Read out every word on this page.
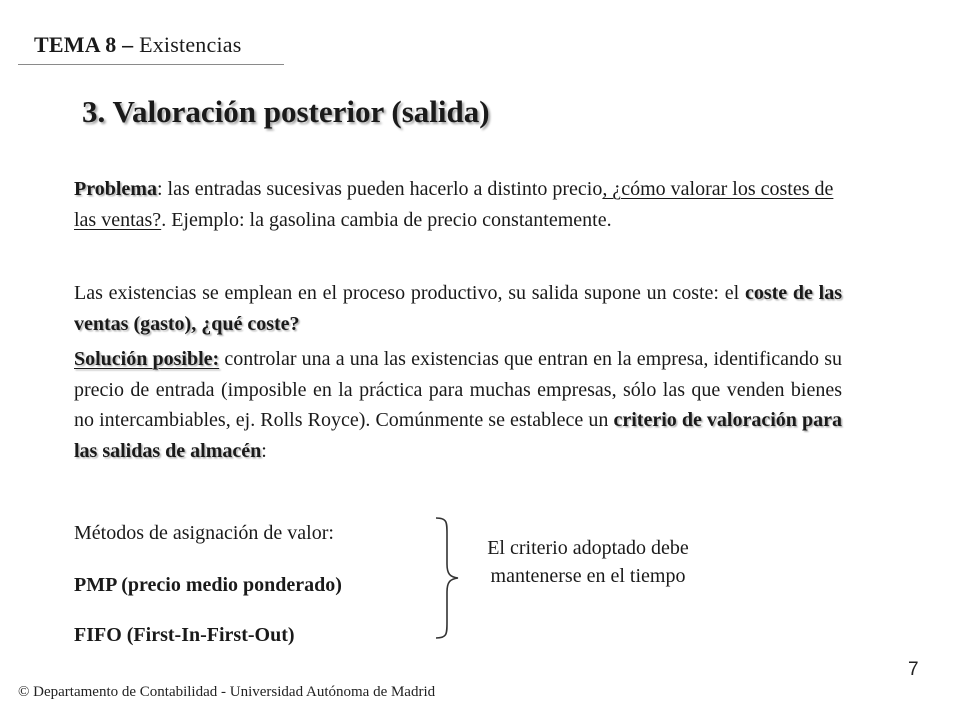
TEMA 8 – Existencias
3. Valoración posterior (salida)
Problema: las entradas sucesivas pueden hacerlo a distinto precio, ¿cómo valorar los costes de las ventas?. Ejemplo: la gasolina cambia de precio constantemente.
Las existencias se emplean en el proceso productivo, su salida supone un coste: el coste de las ventas (gasto), ¿qué coste?
Solución posible: controlar una a una las existencias que entran en la empresa, identificando su precio de entrada (imposible en la práctica para muchas empresas, sólo las que venden bienes no intercambiables, ej. Rolls Royce). Comúnmente se establece un criterio de valoración para las salidas de almacén:
Métodos de asignación de valor:
PMP (precio medio ponderado)
FIFO (First-In-First-Out)
El criterio adoptado debe mantenerse en el tiempo
7
© Departamento de Contabilidad - Universidad Autónoma de Madrid
